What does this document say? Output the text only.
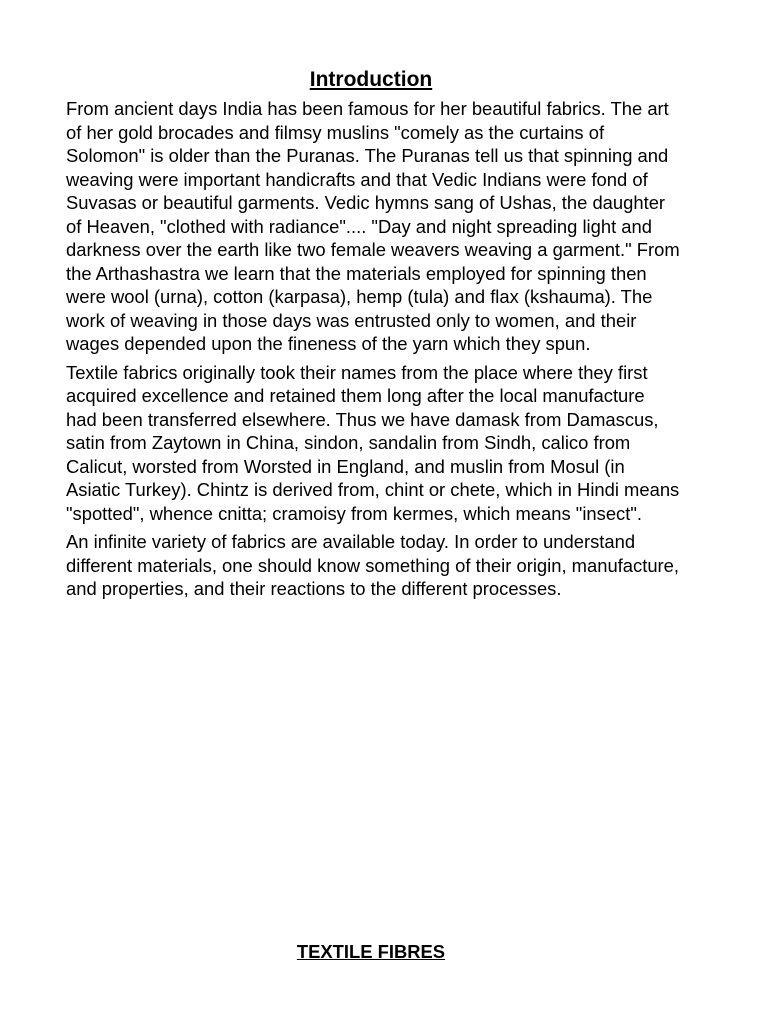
Introduction

From ancient days India has been famous for her beautiful fabrics. The art of her gold brocades and filmsy muslins "comely as the curtains of Solomon" is older than the Puranas. The Puranas tell us that spinning and weaving were important handicrafts and that Vedic Indians were fond of Suvasas or beautiful garments. Vedic hymns sang of Ushas, the daughter of Heaven, "clothed with radiance".... "Day and night spreading light and darkness over the earth like two female weavers weaving a garment." From the Arthashastra we learn that the materials employed for spinning then were wool (urna), cotton (karpasa), hemp (tula) and flax (kshauma). The work of weaving in those days was entrusted only to women, and their wages depended upon the fineness of the yarn which they spun.

Textile fabrics originally took their names from the place where they first acquired excellence and retained them long after the local manufacture had been transferred elsewhere. Thus we have damask from Damascus, satin from Zaytown in China, sindon, sandalin from Sindh, calico from Calicut, worsted from Worsted in England, and muslin from Mosul (in Asiatic Turkey). Chintz is derived from, chint or chete, which in Hindi means "spotted", whence cnitta; cramoisy from kermes, which means "insect".

An infinite variety of fabrics are available today. In order to understand different materials, one should know something of their origin, manufacture, and properties, and their reactions to the different processes.

TEXTILE FIBRES
